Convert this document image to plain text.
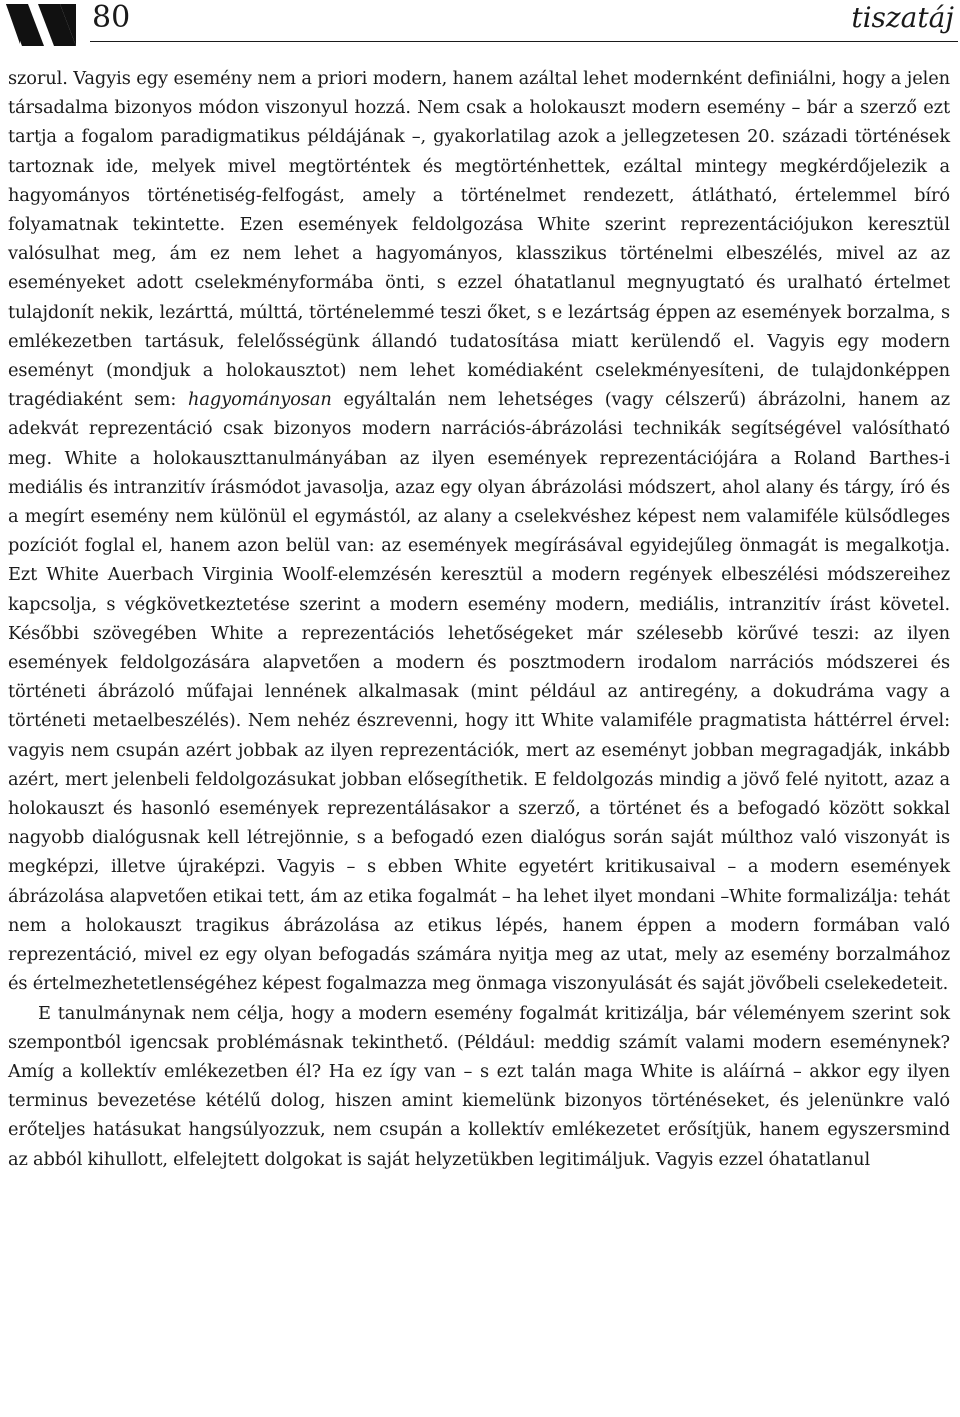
80	tiszatáj

szorul. Vagyis egy esemény nem a priori modern, hanem azáltal lehet modernként definiálni, hogy a jelen társadalma bizonyos módon viszonyul hozzá. Nem csak a holokauszt modern esemény – bár a szerző ezt tartja a fogalom paradigmatikus példájának –, gyakorlatilag azok a jellegzetesen 20. századi történések tartoznak ide, melyek mivel megtörténtek és megtörténhettek, ezáltal mintegy megkérdőjelezik a hagyományos történetiség-felfogást, amely a történelmet rendezett, átlátható, értelemmel bíró folyamatnak tekintette. Ezen események feldolgozása White szerint reprezentációjukon keresztül valósulhat meg, ám ez nem lehet a hagyományos, klasszikus történelmi elbeszélés, mivel az az eseményeket adott cselekményformába önti, s ezzel óhatatlanul megnyugtató és uralható értelmet tulajdonít nekik, lezárttá, múlttá, történelemmé teszi őket, s e lezártság éppen az események borzalma, s emlékezetben tartásuk, felelősségünk állandó tudatosítása miatt kerülendő el. Vagyis egy modern eseményt (mondjuk a holokausztot) nem lehet komédiaként cselekményesíteni, de tulajdonképpen tragédiaként sem: hagyományosan egyáltalán nem lehetséges (vagy célszerű) ábrázolni, hanem az adekvát reprezentáció csak bizonyos modern narrációs-ábrázolási technikák segítségével valósítható meg. White a holokauszttanulmányában az ilyen események reprezentációjára a Roland Barthes-i mediális és intranzitív írásmódot javasolja, azaz egy olyan ábrázolási módszert, ahol alany és tárgy, író és a megírt esemény nem különül el egymástól, az alany a cselekvéshez képest nem valamiféle külsődleges pozíciót foglal el, hanem azon belül van: az események megírásával egyidejűleg önmagát is megalkotja. Ezt White Auerbach Virginia Woolf-elemzésén keresztül a modern regények elbeszélési módszereihez kapcsolja, s végkövetkeztetése szerint a modern esemény modern, mediális, intranzitív írást követel. Későbbi szövegében White a reprezentációs lehetőségeket már szélesebb körűvé teszi: az ilyen események feldolgozására alapvetően a modern és posztmodern irodalom narrációs módszerei és történeti ábrázoló műfajai lennének alkalmasak (mint például az antiregény, a dokudráma vagy a történeti metaelbeszélés). Nem nehéz észrevenni, hogy itt White valamiféle pragmatista háttérrel érvel: vagyis nem csupán azért jobbak az ilyen reprezentációk, mert az eseményt jobban megragadják, inkább azért, mert jelenbeli feldolgozásukat jobban elősegíthetik. E feldolgozás mindig a jövő felé nyitott, azaz a holokauszt és hasonló események reprezentálásakor a szerző, a történet és a befogadó között sokkal nagyobb dialógusnak kell létrejönnie, s a befogadó ezen dialógus során saját múlthoz való viszonyát is megképzi, illetve újraképzi. Vagyis – s ebben White egyetért kritikusaival – a modern események ábrázolása alapvetően etikai tett, ám az etika fogalmát – ha lehet ilyet mondani –White formalizálja: tehát nem a holokauszt tragikus ábrázolása az etikus lépés, hanem éppen a modern formában való reprezentáció, mivel ez egy olyan befogadás számára nyitja meg az utat, mely az esemény borzalmához és értelmezhetetlenségéhez képest fogalmazza meg önmaga viszonyulását és saját jövőbeli cselekedeteit.

E tanulmánynak nem célja, hogy a modern esemény fogalmát kritizálja, bár véleményem szerint sok szempontból igencsak problémásnak tekinthető. (Például: meddig számít valami modern eseménynek? Amíg a kollektív emlékezetben él? Ha ez így van – s ezt talán maga White is aláírná – akkor egy ilyen terminus bevezetése kétélű dolog, hiszen amint kiemelünk bizonyos történéseket, és jelenünkre való erőteljes hatásukat hangsúlyozzuk, nem csupán a kollektív emlékezetet erősítjük, hanem egyszersmind az abból kihullott, elfelejtett dolgokat is saját helyzetükben legitimáljuk. Vagyis ezzel óhatatlanul
